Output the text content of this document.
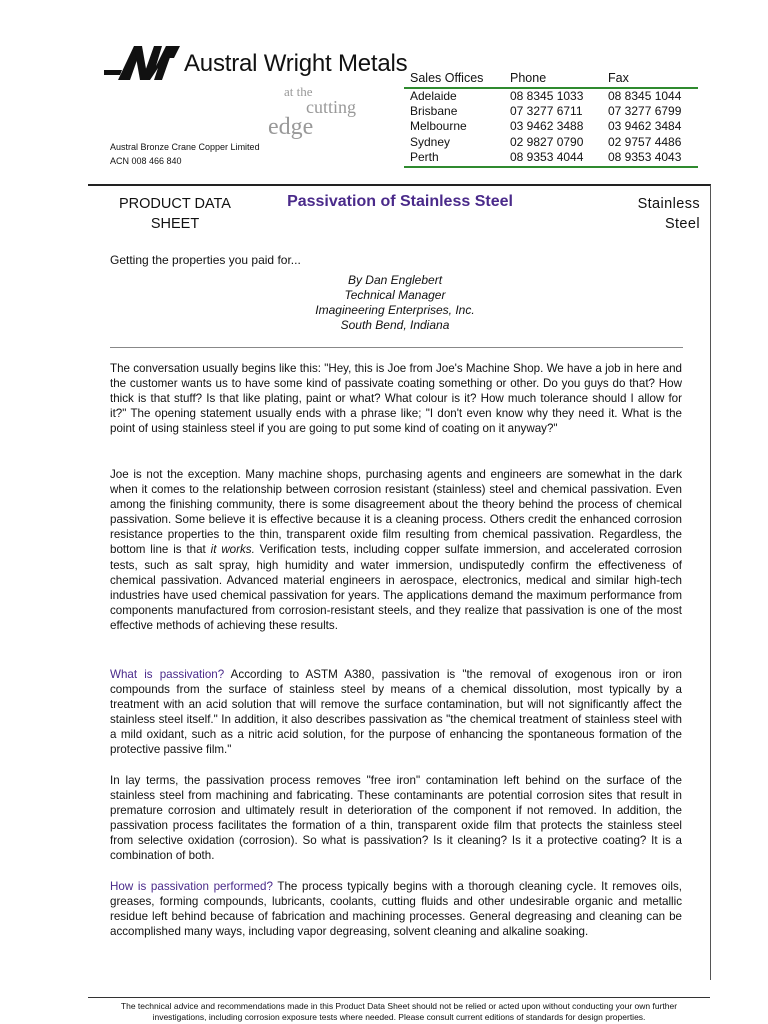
Austral Wright Metals
at the
cutting
edge
Austral Bronze Crane Copper Limited
ACN 008 466 840
Sales Offices	Phone	Fax
Adelaide	08 8345 1033	08 8345 1044
Brisbane	07 3277 6711	07 3277 6799
Melbourne	03 9462 3488	03 9462 3484
Sydney	02 9827 0790	02 9757 4486
Perth	08 9353 4044	08 9353 4043
PRODUCT DATA
SHEET
Passivation of Stainless Steel	Stainless
Steel
Getting the properties you paid for...
By Dan Englebert
Technical Manager
Imagineering Enterprises, Inc.
South Bend, Indiana

The conversation usually begins like this: "Hey, this is Joe from Joe's Machine Shop. We have a job in here and the customer wants us to have some kind of passivate coating something or other. Do you guys do that? How thick is that stuff? Is that like plating, paint or what? What colour is it? How much tolerance should I allow for it?" The opening statement usually ends with a phrase like; "I don't even know why they need it. What is the point of using stainless steel if you are going to put some kind of coating on it anyway?"

Joe is not the exception. Many machine shops, purchasing agents and engineers are somewhat in the dark when it comes to the relationship between corrosion resistant (stainless) steel and chemical passivation. Even among the finishing community, there is some disagreement about the theory behind the process of chemical passivation. Some believe it is effective because it is a cleaning process. Others credit the enhanced corrosion resistance properties to the thin, transparent oxide film resulting from chemical passivation. Regardless, the bottom line is that it works. Verification tests, including copper sulfate immersion, and accelerated corrosion tests, such as salt spray, high humidity and water immersion, undisputedly confirm the effectiveness of chemical passivation. Advanced material engineers in aerospace, electronics, medical and similar high-tech industries have used chemical passivation for years. The applications demand the maximum performance from components manufactured from corrosion-resistant steels, and they realize that passivation is one of the most effective methods of achieving these results.

What is passivation? According to ASTM A380, passivation is "the removal of exogenous iron or iron compounds from the surface of stainless steel by means of a chemical dissolution, most typically by a treatment with an acid solution that will remove the surface contamination, but will not significantly affect the stainless steel itself." In addition, it also describes passivation as "the chemical treatment of stainless steel with a mild oxidant, such as a nitric acid solution, for the purpose of enhancing the spontaneous formation of the protective passive film."

In lay terms, the passivation process removes "free iron" contamination left behind on the surface of the stainless steel from machining and fabricating. These contaminants are potential corrosion sites that result in premature corrosion and ultimately result in deterioration of the component if not removed. In addition, the passivation process facilitates the formation of a thin, transparent oxide film that protects the stainless steel from selective oxidation (corrosion). So what is passivation? Is it cleaning? Is it a protective coating? It is a combination of both.

How is passivation performed? The process typically begins with a thorough cleaning cycle. It removes oils, greases, forming compounds, lubricants, coolants, cutting fluids and other undesirable organic and metallic residue left behind because of fabrication and machining processes. General degreasing and cleaning can be accomplished many ways, including vapor degreasing, solvent cleaning and alkaline soaking.

The technical advice and recommendations made in this Product Data Sheet should not be relied or acted upon without conducting your own further
investigations, including corrosion exposure tests where needed. Please consult current editions of standards for design properties.
